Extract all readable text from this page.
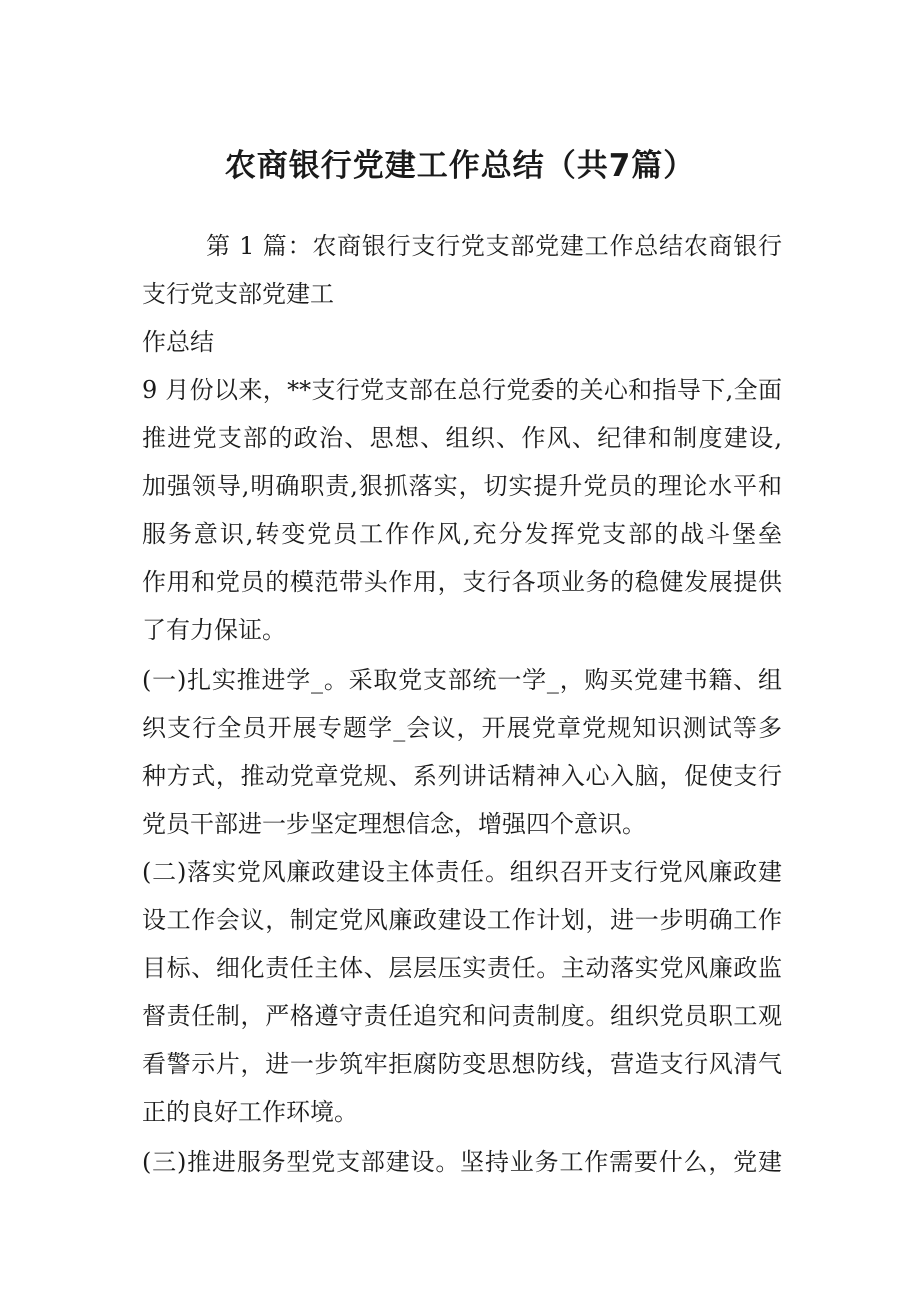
农商银行党建工作总结（共7篇）
第 1 篇：农商银行支行党支部党建工作总结农商银行
支行党支部党建工
作总结
9 月份以来，**支行党支部在总行党委的关心和指导下,全面
推进党支部的政治、思想、组织、作风、纪律和制度建设,
加强领导,明确职责,狠抓落实，切实提升党员的理论水平和
服务意识,转变党员工作作风,充分发挥党支部的战斗堡垒
作用和党员的模范带头作用，支行各项业务的稳健发展提供
了有力保证。
(一)扎实推进学_。采取党支部统一学_，购买党建书籍、组
织支行全员开展专题学_会议，开展党章党规知识测试等多
种方式，推动党章党规、系列讲话精神入心入脑，促使支行
党员干部进一步坚定理想信念，增强四个意识。
(二)落实党风廉政建设主体责任。组织召开支行党风廉政建
设工作会议，制定党风廉政建设工作计划，进一步明确工作
目标、细化责任主体、层层压实责任。主动落实党风廉政监
督责任制，严格遵守责任追究和问责制度。组织党员职工观
看警示片，进一步筑牢拒腐防变思想防线，营造支行风清气
正的良好工作环境。
(三)推进服务型党支部建设。坚持业务工作需要什么，党建
